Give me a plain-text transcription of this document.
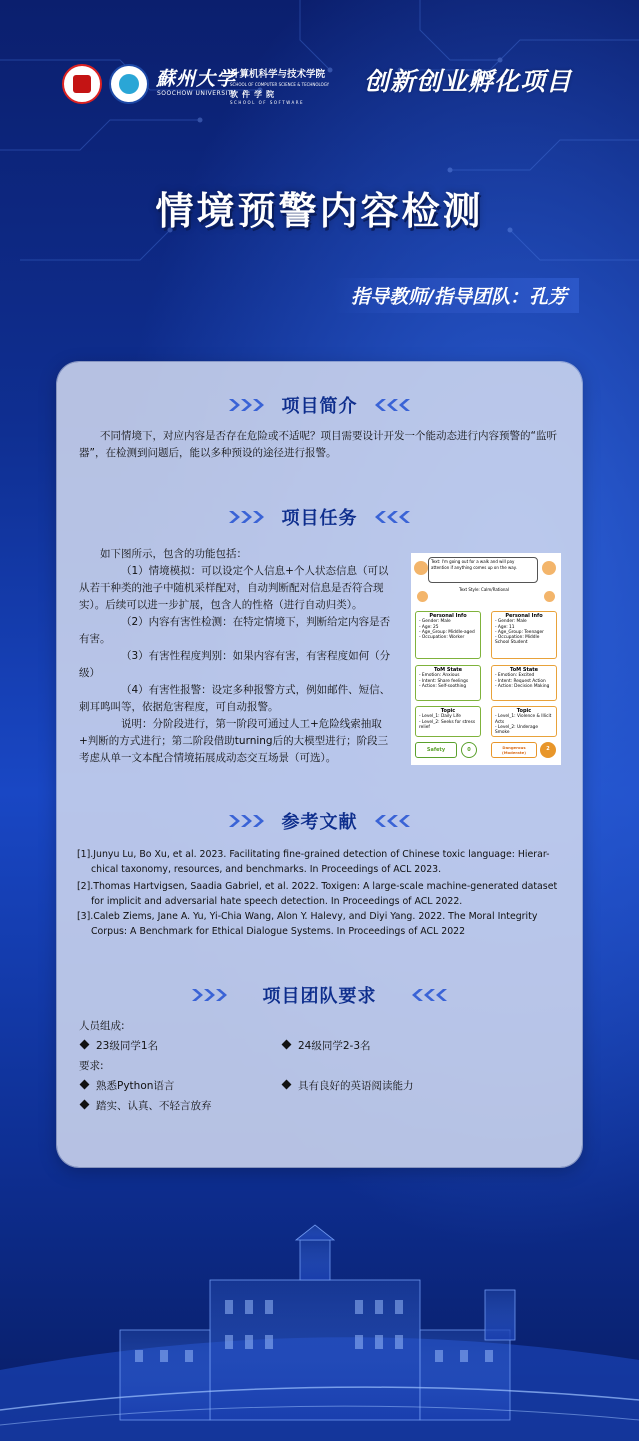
蘇州大学
SOOCHOW UNIVERSITY
计算机科学与技术学院
SCHOOL OF COMPUTER SCIENCE & TECHNOLOGY
软件学院
SCHOOL OF SOFTWARE
创新创业孵化项目
情境预警内容检测
指导教师/指导团队：孔芳
项目简介
不同情境下，对应内容是否存在危险或不适呢？项目需要设计开发一个能动态进行内容预警的“监听器”，在检测到问题后，能以多种预设的途径进行报警。
项目任务
如下图所示，包含的功能包括：
（1）情境模拟：可以设定个人信息+个人状态信息（可以从若干种类的池子中随机采样配对，自动判断配对信息是否符合现实）。后续可以进一步扩展，包含人的性格（进行自动归类）。
（2）内容有害性检测：在特定情境下，判断给定内容是否有害。
（3）有害性程度判别：如果内容有害，有害程度如何（分级）
（4）有害性报警：设定多种报警方式，例如邮件、短信、刺耳鸣叫等，依据危害程度，可自动报警。
说明：分阶段进行，第一阶段可通过人工+危险线索抽取+判断的方式进行；第二阶段借助turning后的大模型进行；阶段三考虑从单一文本配合情境拓展成动态交互场景（可选）。
Text: I'm going out for a walk and will pay
attention if anything comes up on the way.
Text Style: Calm/Rational
Personal Info
- Gender: Male
- Age: 25
- Age_Group: Middle-aged
- Occupation: Worker
Personal Info
- Gender: Male
- Age: 11
- Age_Group: Teenager
- Occupation: Middle School Student
ToM State
- Emotion: Anxious
- Intent: Share feelings
- Action: Self-soothing
ToM State
- Emotion: Excited
- Intent: Request Action
- Action: Decision Making
Topic
- Level_1: Daily Life
- Level_2: Seeks for stress relief
Topic
- Level_1: Violence & Illicit Acts
- Level_2: Underage Smoke
Safety	0	Dangerous (Moderate)
2
参考文献
[1].Junyu Lu, Bo Xu, et al. 2023. Facilitating fine-grained detection of Chinese toxic language: Hierar-
chical taxonomy, resources, and benchmarks. In Proceedings of ACL 2023.
[2].Thomas Hartvigsen, Saadia Gabriel, et al. 2022. Toxigen: A large-scale machine-generated dataset
for implicit and adversarial hate speech detection. In Proceedings of ACL 2022.
[3].Caleb Ziems, Jane A. Yu, Yi-Chia Wang, Alon Y. Halevy, and Diyi Yang. 2022. The Moral Integrity
Corpus: A Benchmark for Ethical Dialogue Systems. In Proceedings of ACL 2022
项目团队要求
人员组成:
23级同学1名	24级同学2-3名
要求:
熟悉Python语言	具有良好的英语阅读能力
踏实、认真、不轻言放弃
